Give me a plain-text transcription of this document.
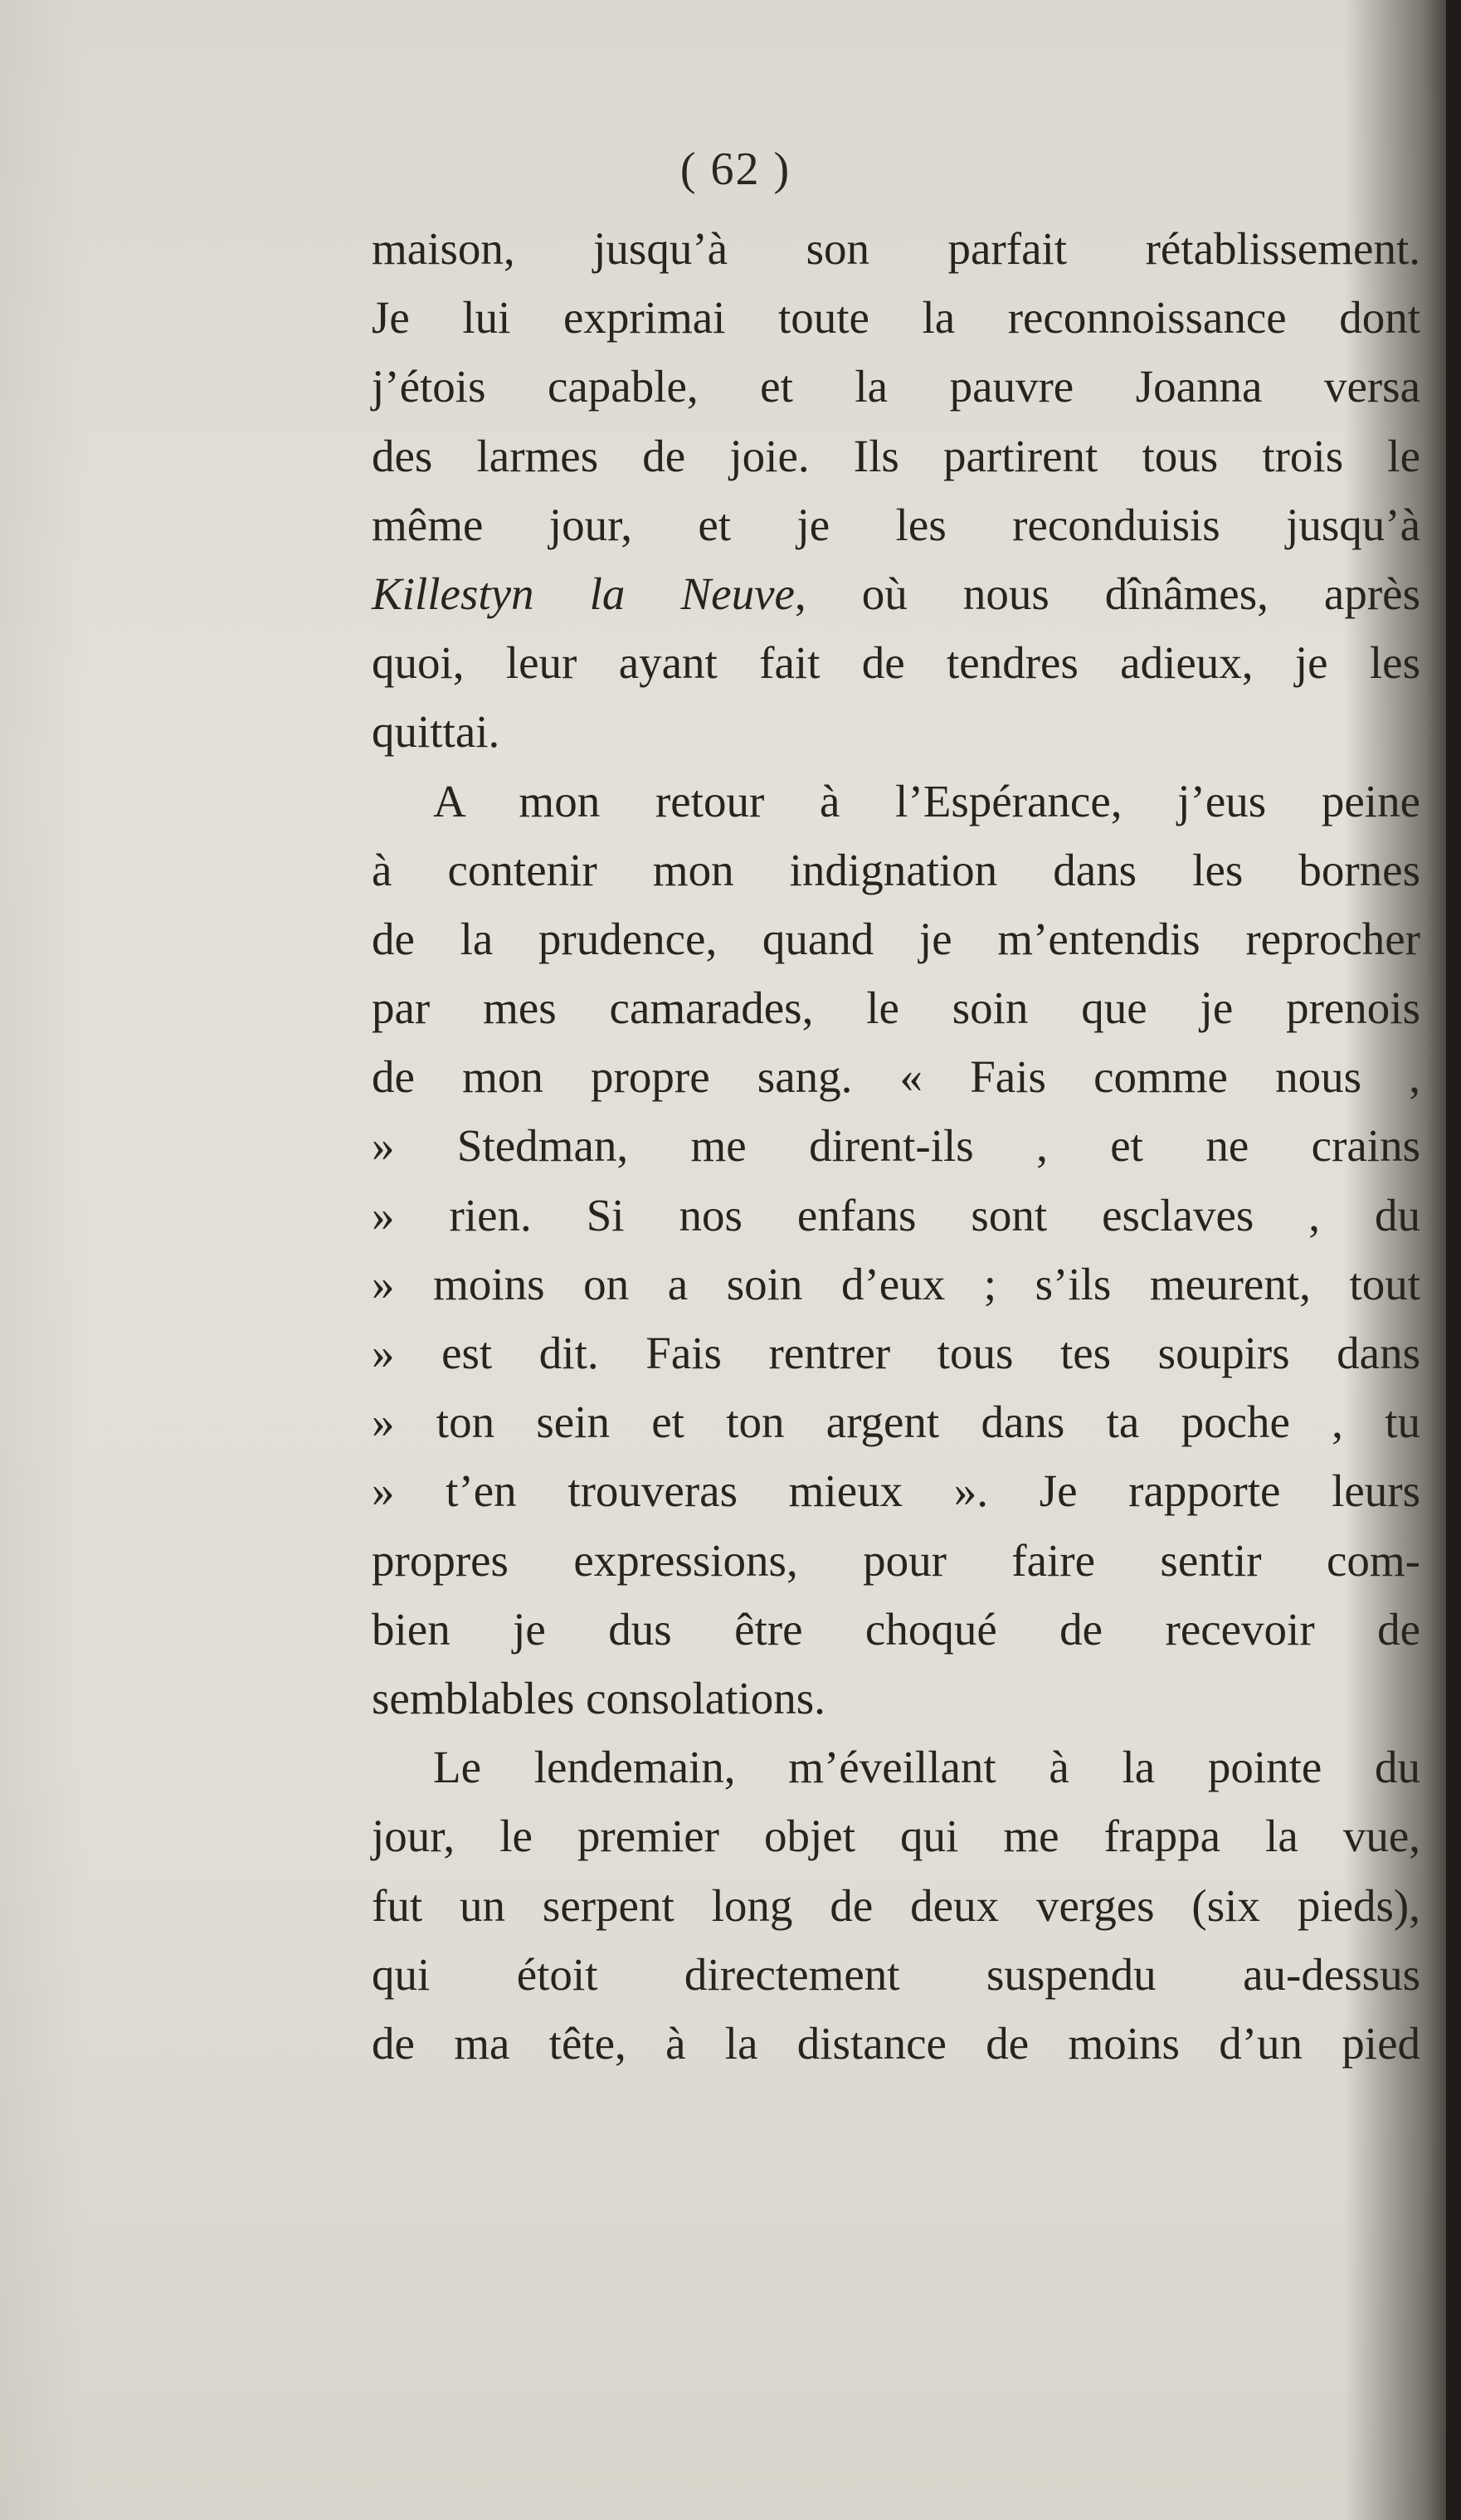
( 62 )
maison, jusqu’à son parfait rétablissement.
Je lui exprimai toute la reconnoissance dont
j’étois capable, et la pauvre Joanna versa
des larmes de joie. Ils partirent tous trois le
même jour, et je les reconduisis jusqu’à
Killestyn la Neuve, où nous dînâmes, après
quoi, leur ayant fait de tendres adieux, je les
quittai.
A mon retour à l’Espérance, j’eus peine
à contenir mon indignation dans les bornes
de la prudence, quand je m’entendis reprocher
par mes camarades, le soin que je prenois
de mon propre sang. « Fais comme nous ,
» Stedman, me dirent-ils , et ne crains
» rien. Si nos enfans sont esclaves , du
» moins on a soin d’eux ; s’ils meurent, tout
» est dit. Fais rentrer tous tes soupirs dans
» ton sein et ton argent dans ta poche , tu
» t’en trouveras mieux ». Je rapporte leurs
propres expressions, pour faire sentir com-
bien je dus être choqué de recevoir de
semblables consolations.
Le lendemain, m’éveillant à la pointe du
jour, le premier objet qui me frappa la vue,
fut un serpent long de deux verges (six pieds),
qui étoit directement suspendu au-dessus
de ma tête, à la distance de moins d’un pied
